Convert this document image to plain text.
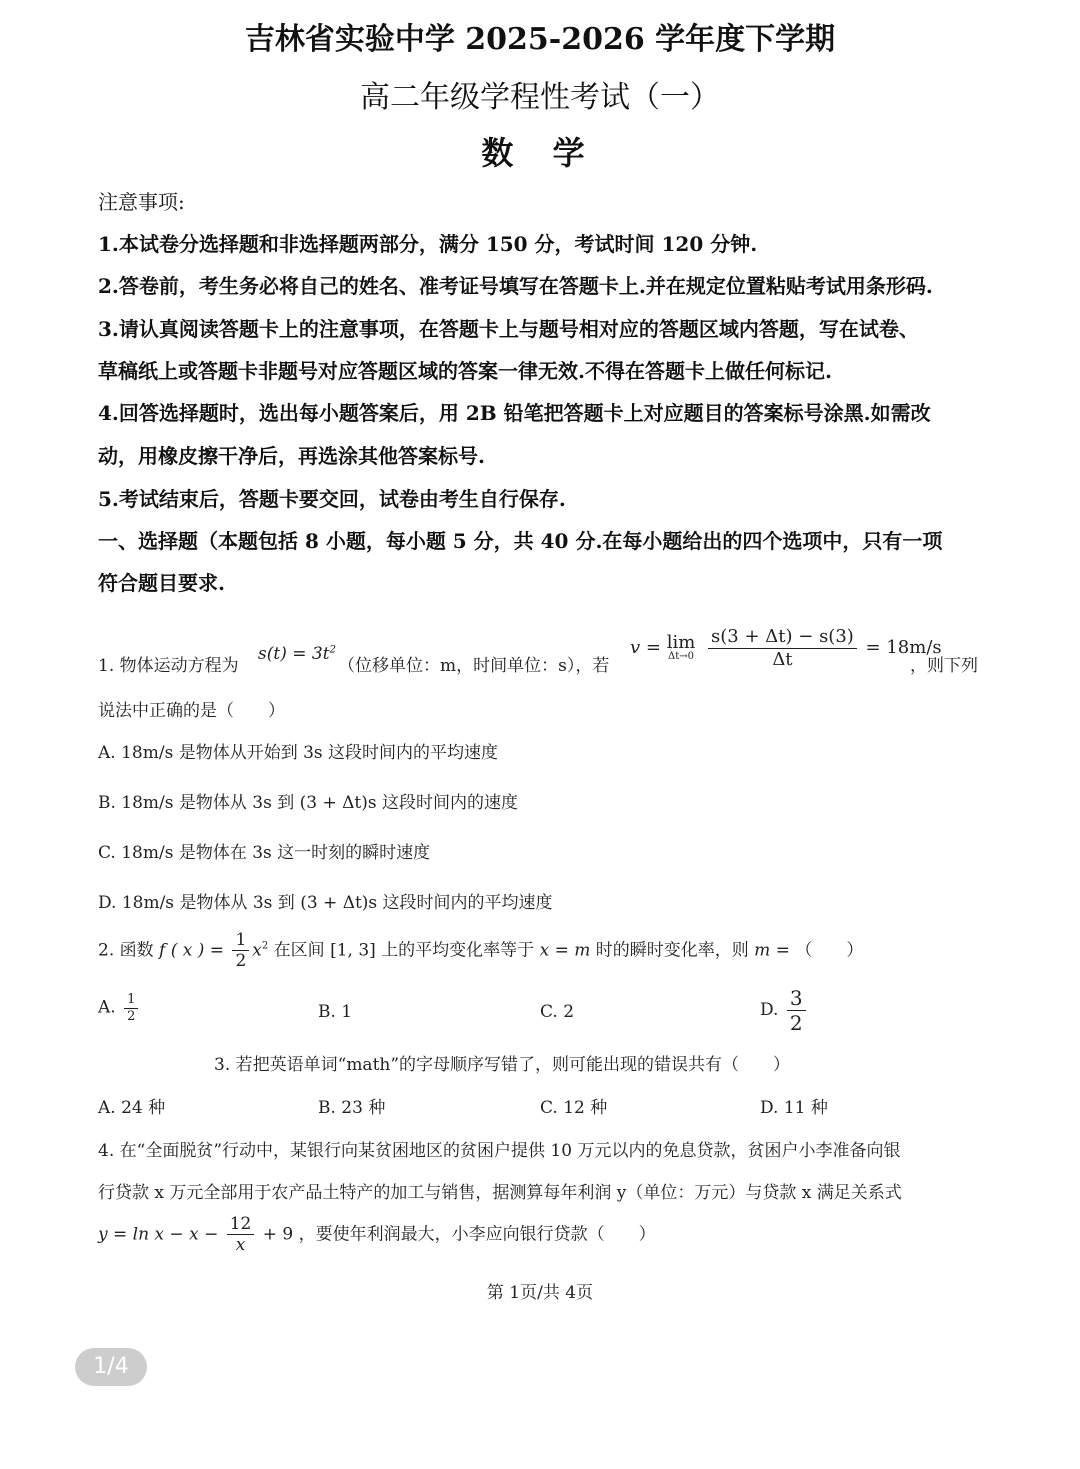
吉林省实验中学 2025-2026 学年度下学期
高二年级学程性考试（一）
数 学
注意事项:
1.本试卷分选择题和非选择题两部分，满分 150 分，考试时间 120 分钟.
2.答卷前，考生务必将自己的姓名、准考证号填写在答题卡上.并在规定位置粘贴考试用条形码.
3.请认真阅读答题卡上的注意事项，在答题卡上与题号相对应的答题区域内答题，写在试卷、
草稿纸上或答题卡非题号对应答题区域的答案一律无效.不得在答题卡上做任何标记.
4.回答选择题时，选出每小题答案后，用 2B 铅笔把答题卡上对应题目的答案标号涂黑.如需改
动，用橡皮擦干净后，再选涂其他答案标号.
5.考试结束后，答题卡要交回，试卷由考生自行保存.
一、选择题（本题包括 8 小题，每小题 5 分，共 40 分.在每小题给出的四个选项中，只有一项
符合题目要求.
1. 物体运动方程为
$s(t) = 3t^2$
（位移单位：m，时间单位：s），若
v = lim
Δt→0
$\frac{s(3 + \Delta t) - s(3)}{\Delta t} = 18m/s$
，则下列
说法中正确的是（　　）
A. 18m/s 是物体从开始到 3s 这段时间内的平均速度
B. 18m/s 是物体从 3s 到 (3 + Δt)s 这段时间内的速度
C. 18m/s 是物体在 3s 这一时刻的瞬时速度
D. 18m/s 是物体从 3s 到 (3 + Δt)s 这段时间内的平均速度
2. 函数 f ( x ) = $\frac{1}{2} x^2$ 在区间 [1, 3] 上的平均变化率等于 x = m 时的瞬时变化率，则 m = （　　）
A. $\frac{1}{2}$	B. 1	C. 2	D. $\frac{3}{2}$
3. 若把英语单词“math”的字母顺序写错了，则可能出现的错误共有（　　）
A. 24 种	B. 23 种	C. 12 种	D. 11 种
4. 在“全面脱贫”行动中，某银行向某贫困地区的贫困户提供 10 万元以内的免息贷款，贫困户小李准备向银
行贷款 x 万元全部用于农产品土特产的加工与销售，据测算每年利润 y（单位：万元）与贷款 x 满足关系式
$y = \ln x - x - \frac{12}{x} + 9$ ，要使年利润最大，小李应向银行贷款（　　）
第 1页/共 4页
1/4
